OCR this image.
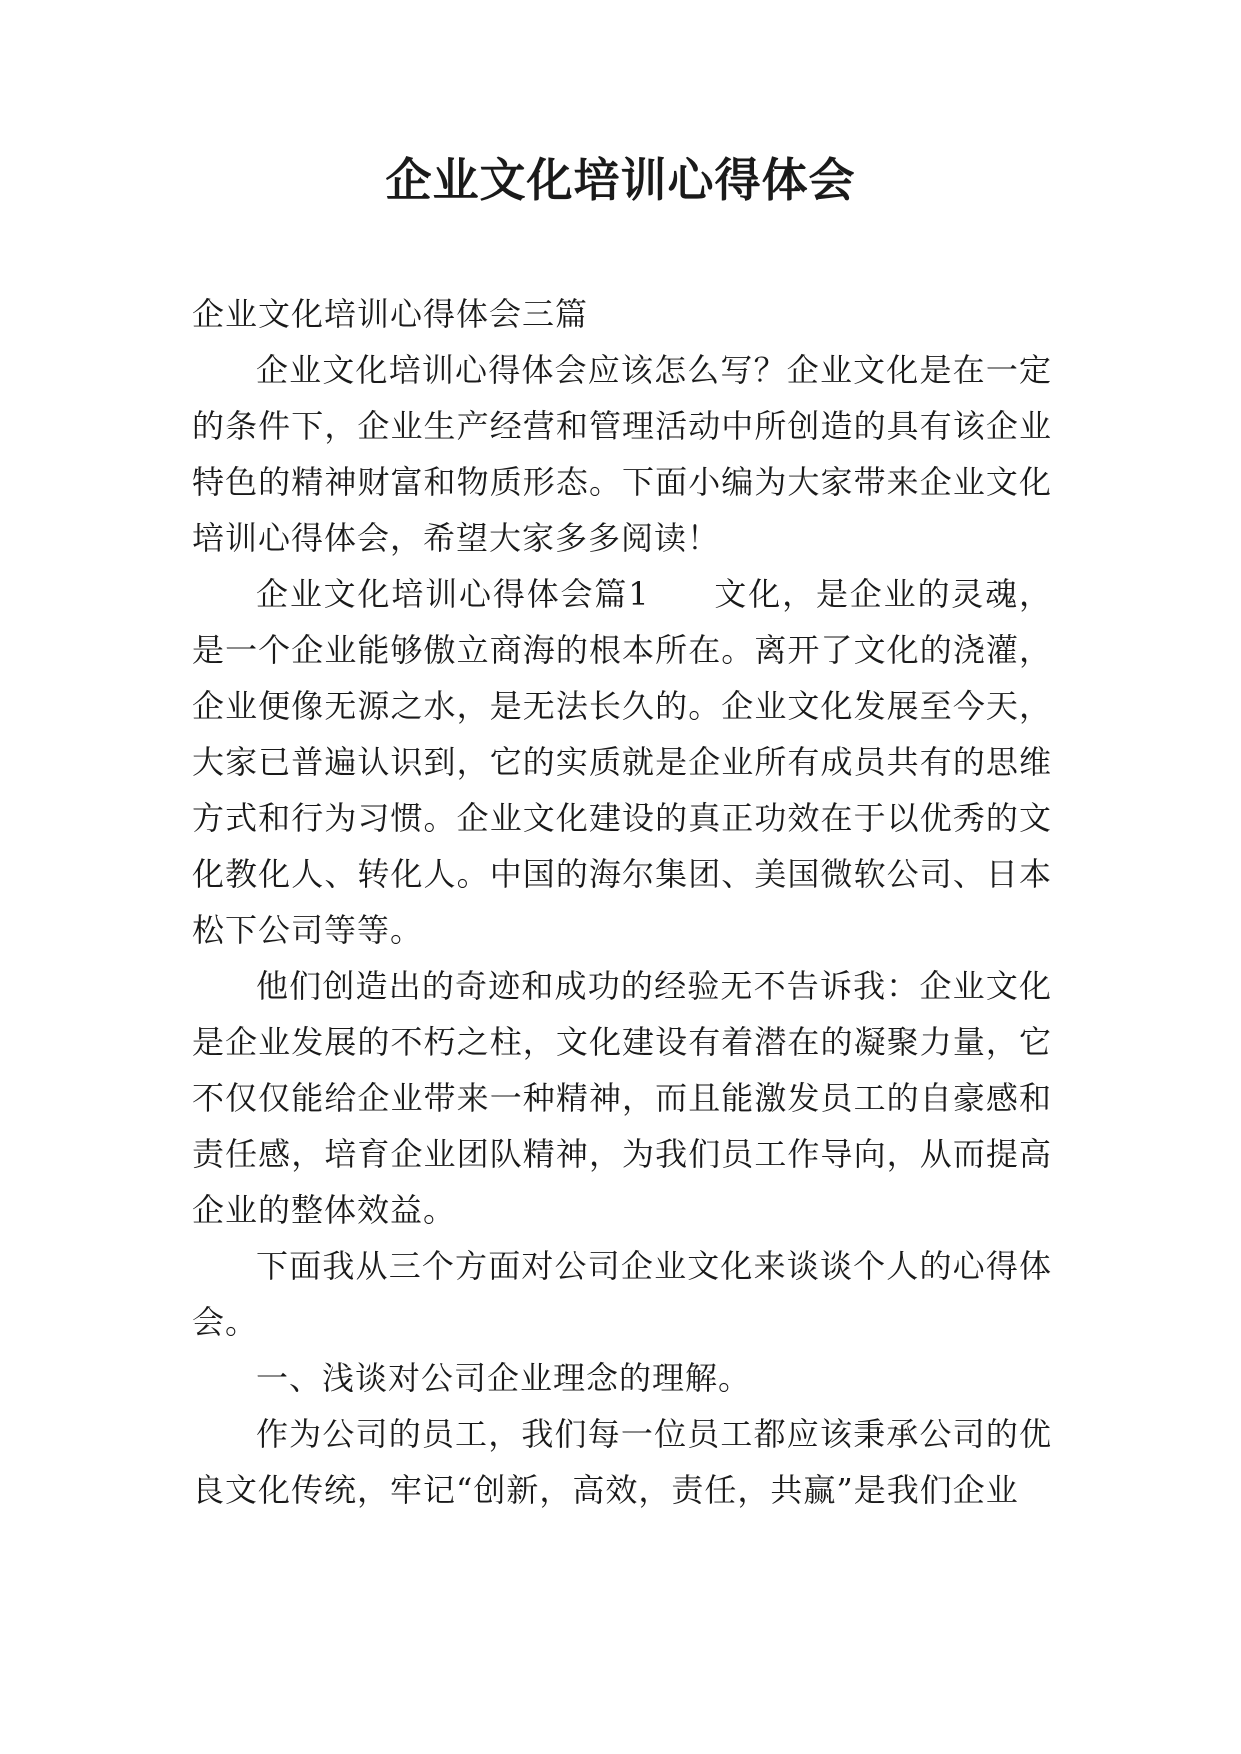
企业文化培训心得体会

企业文化培训心得体会三篇

企业文化培训心得体会应该怎么写？企业文化是在一定的条件下，企业生产经营和管理活动中所创造的具有该企业特色的精神财富和物质形态。下面小编为大家带来企业文化培训心得体会，希望大家多多阅读！

企业文化培训心得体会篇1 文化，是企业的灵魂，是一个企业能够傲立商海的根本所在。离开了文化的浇灌，企业便像无源之水，是无法长久的。企业文化发展至今天，大家已普遍认识到，它的实质就是企业所有成员共有的思维方式和行为习惯。企业文化建设的真正功效在于以优秀的文化教化人、转化人。中国的海尔集团、美国微软公司、日本松下公司等等。

他们创造出的奇迹和成功的经验无不告诉我：企业文化是企业发展的不朽之柱，文化建设有着潜在的凝聚力量，它不仅仅能给企业带来一种精神，而且能激发员工的自豪感和责任感，培育企业团队精神，为我们员工作导向，从而提高企业的整体效益。

下面我从三个方面对公司企业文化来谈谈个人的心得体会。

一、浅谈对公司企业理念的理解。

作为公司的员工，我们每一位员工都应该秉承公司的优良文化传统，牢记“创新，高效，责任，共赢”是我们企业
